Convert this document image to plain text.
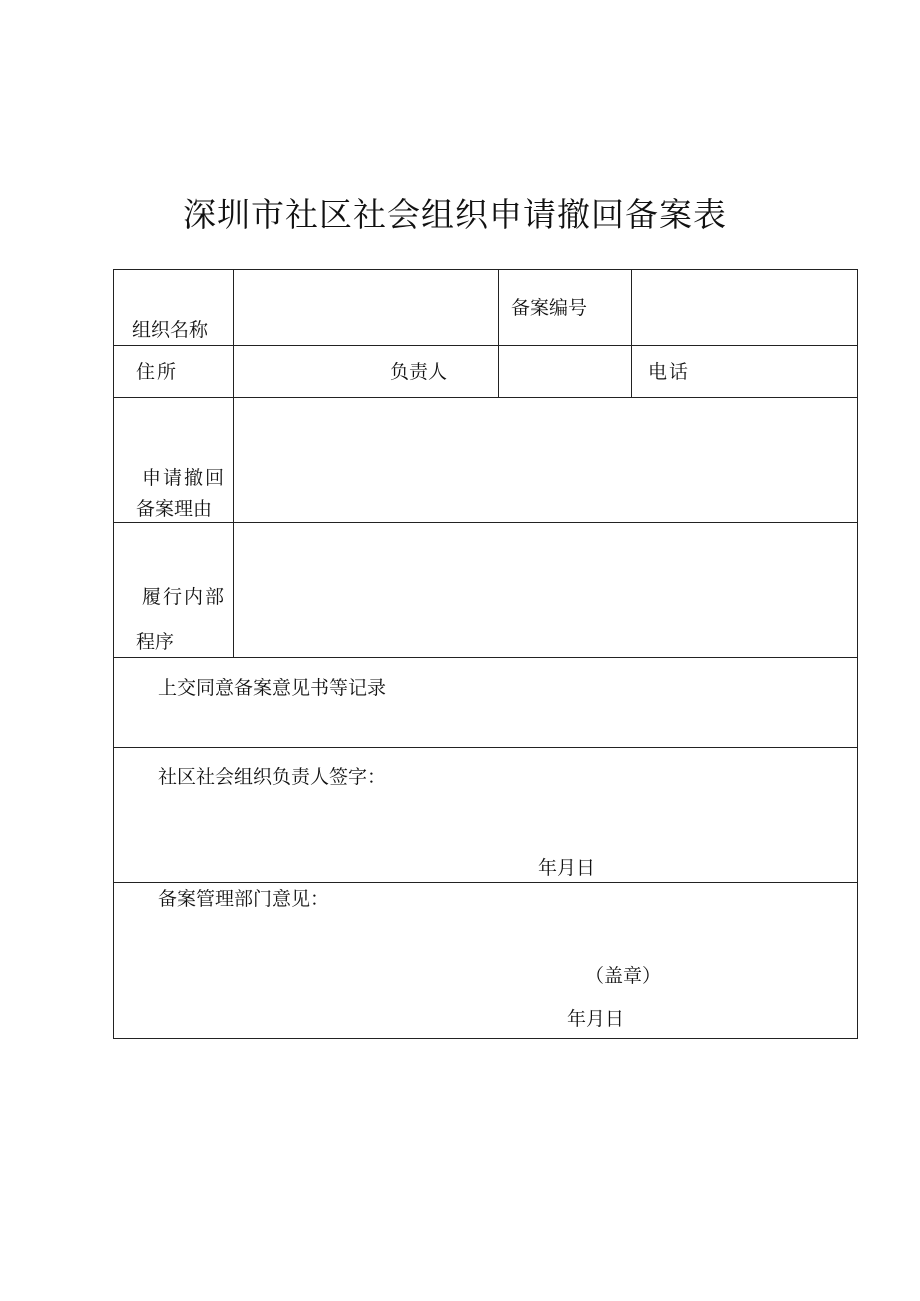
深圳市社区社会组织申请撤回备案表
组织名称
备案编号
住所	负责人	电话
申请撤回
备案理由
履行内部
程序
上交同意备案意见书等记录
社区社会组织负责人签字：
年月日
备案管理部门意见：
（盖章）
年月日
